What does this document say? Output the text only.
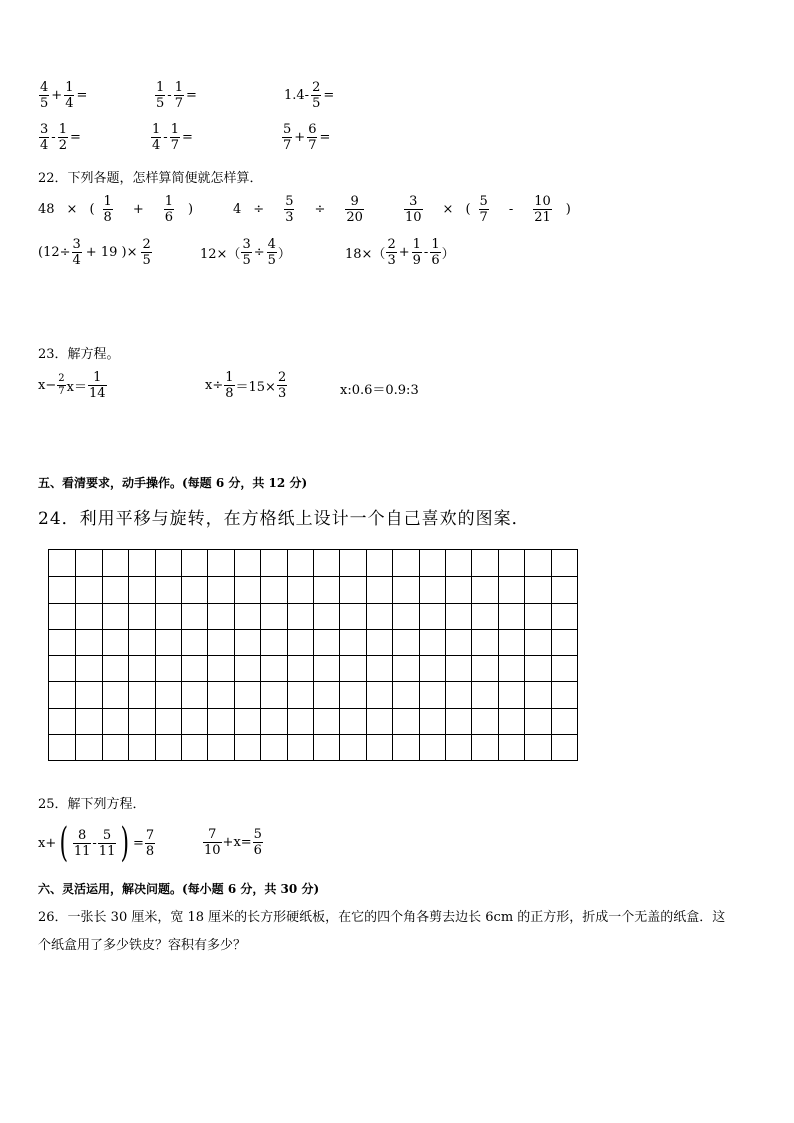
4
5
+
1
4
=
1
5
-
1
7
=	1.4-
2
5
=
3
4
-
1
2
=
1
4
-
1
7
=
5
7
+
6
7
=
22．下列各题，怎样算简便就怎样算．
48 × (
1
8
+
1
6
)	4 ÷
5
3
÷
9
20
3
10
× (
5
7
-
10
21
)
(12÷
3
4
+ 19 )×
2
5	12×（
3
5
÷
4
5 ）	18×（
2
3
+
1
9
-
1
6 ）
23．解方程。
x− 2
7 x＝
1
14
x÷
1
8 ＝15×
2
3	x:0.6＝0.9:3
五、看清要求，动手操作。(每题 6 分，共 12 分)
24．利用平移与旋转，在方格纸上设计一个自己喜欢的图案．
25．解下列方程．
x+ ( 8
11
-
5
11 ) =
7
8
7
10
+x=
5
6
六、灵活运用，解决问题。(每小题 6 分，共 30 分)
26．一张长 30 厘米，宽 18 厘米的长方形硬纸板，在它的四个角各剪去边长 6cm 的正方形，折成一个无盖的纸盒．这
个纸盒用了多少铁皮？容积有多少？
